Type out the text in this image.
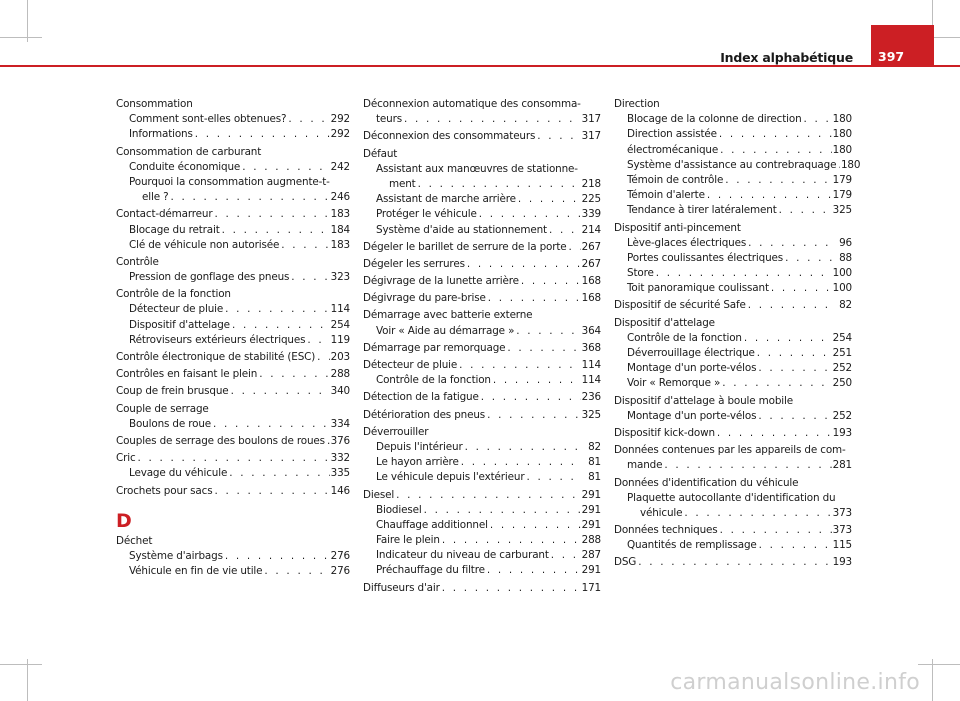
Index alphabétique 397
Consommation
Comment sont-elles obtenues? . . .	292
Informations . . .	292
Consommation de carburant
Conduite économique . . .	242
Pourquoi la consommation augmente-t-
elle ? . . .	246
Contact-démarreur . . .	183
Blocage du retrait . . .	184
Clé de véhicule non autorisée . . .	183
Contrôle
Pression de gonflage des pneus . . .	323
Contrôle de la fonction
Détecteur de pluie . . .	114
Dispositif d'attelage . . .	254
Rétroviseurs extérieurs électriques . . . 119
Contrôle électronique de stabilité (ESC) . . . 203
Contrôles en faisant le plein . . .	288
Coup de frein brusque . . .	340
Couple de serrage
Boulons de roue . . .	334
Couples de serrage des boulons de roues . . . 376
Cric . . .	332
Levage du véhicule . . .	335
Crochets pour sacs . . .	146
D
Déchet
Système d'airbags . . .	276
Véhicule en fin de vie utile . . .	276
Déconnexion automatique des consomma-
teurs . . .	317
Déconnexion des consommateurs . . .	317
Défaut
Assistant aux manœuvres de stationne-
ment . . .	218
Assistant de marche arrière . . .	225
Protéger le véhicule . . .	339
Système d'aide au stationnement . . .	214
Dégeler le barillet de serrure de la porte . . . 267
Dégeler les serrures . . .	267
Dégivrage de la lunette arrière . . .	168
Dégivrage du pare-brise . . .	168
Démarrage avec batterie externe
Voir « Aide au démarrage » . . .	364
Démarrage par remorquage . . .	368
Détecteur de pluie . . .	114
Contrôle de la fonction . . .	114
Détection de la fatigue . . .	236
Détérioration des pneus . . .	325
Déverrouiller
Depuis l'intérieur . . .	82
Le hayon arrière . . .	81
Le véhicule depuis l'extérieur . . .	81
Diesel . . .	291
Biodiesel . . .	291
Chauffage additionnel . . .	291
Faire le plein . . .	288
Indicateur du niveau de carburant . . .	287
Préchauffage du filtre . . .	291
Diffuseurs d'air . . .	171
Direction
Blocage de la colonne de direction . . .	180
Direction assistée . . .	180
électromécanique . . .	180
Système d'assistance au contrebraquage . . . 180
Témoin de contrôle . . .	179
Témoin d'alerte . . .	179
Tendance à tirer latéralement . . .	325
Dispositif anti-pincement
Lève-glaces électriques . . .	96
Portes coulissantes électriques . . .	88
Store . . .	100
Toit panoramique coulissant . . .	100
Dispositif de sécurité Safe . . .	82
Dispositif d'attelage
Contrôle de la fonction . . .	254
Déverrouillage électrique . . .	251
Montage d'un porte-vélos . . .	252
Voir « Remorque » . . .	250
Dispositif d'attelage à boule mobile
Montage d'un porte-vélos . . .	252
Dispositif kick-down . . .	193
Données contenues par les appareils de com-
mande . . .	281
Données d'identification du véhicule
Plaquette autocollante d'identification du
véhicule . . .	373
Données techniques . . .	373
Quantités de remplissage . . .	115
DSG . . .	193
carmanualsonline.info
